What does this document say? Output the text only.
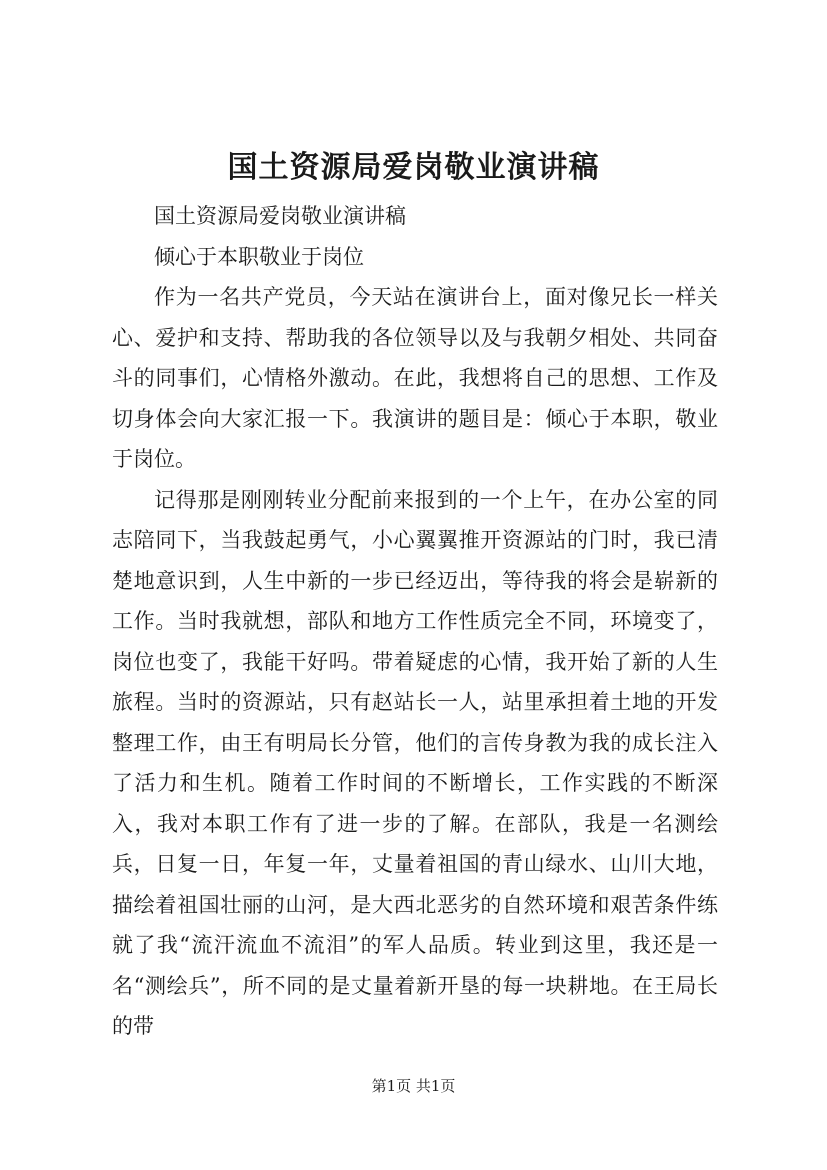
国土资源局爱岗敬业演讲稿

国土资源局爱岗敬业演讲稿

倾心于本职敬业于岗位

作为一名共产党员，今天站在演讲台上，面对像兄长一样关心、爱护和支持、帮助我的各位领导以及与我朝夕相处、共同奋斗的同事们，心情格外激动。在此，我想将自己的思想、工作及切身体会向大家汇报一下。我演讲的题目是：倾心于本职，敬业于岗位。

记得那是刚刚转业分配前来报到的一个上午，在办公室的同志陪同下，当我鼓起勇气，小心翼翼推开资源站的门时，我已清楚地意识到，人生中新的一步已经迈出，等待我的将会是崭新的工作。当时我就想，部队和地方工作性质完全不同，环境变了，岗位也变了，我能干好吗。带着疑虑的心情，我开始了新的人生旅程。当时的资源站，只有赵站长一人，站里承担着土地的开发整理工作，由王有明局长分管，他们的言传身教为我的成长注入了活力和生机。随着工作时间的不断增长，工作实践的不断深入，我对本职工作有了进一步的了解。在部队，我是一名测绘兵，日复一日，年复一年，丈量着祖国的青山绿水、山川大地，描绘着祖国壮丽的山河，是大西北恶劣的自然环境和艰苦条件练就了我“流汗流血不流泪”的军人品质。转业到这里，我还是一名“测绘兵”，所不同的是丈量着新开垦的每一块耕地。在王局长的带

第1页 共1页
